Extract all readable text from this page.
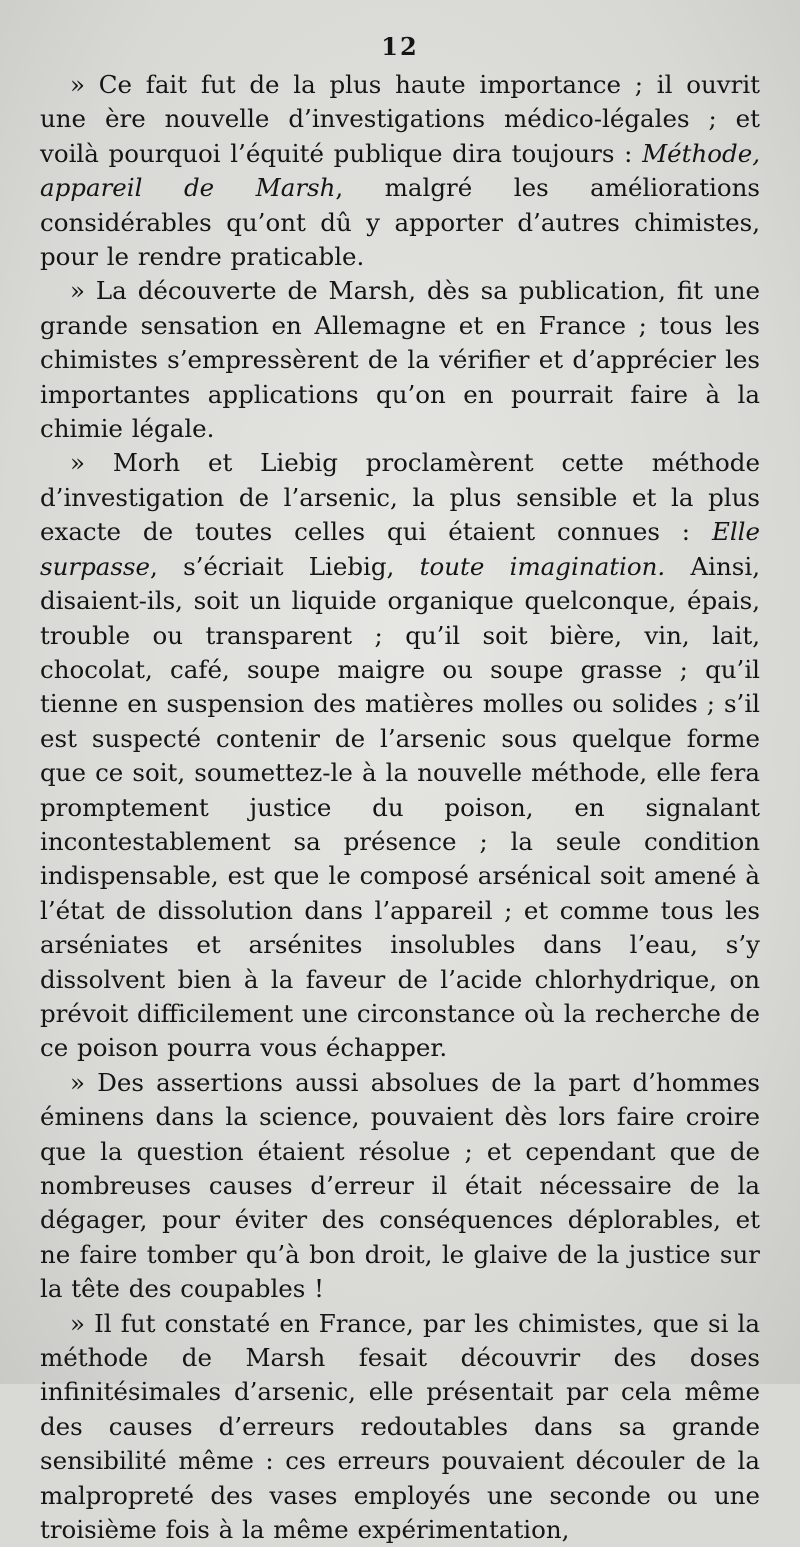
12

» Ce fait fut de la plus haute importance ; il ouvrit une ère nouvelle d’investigations médico-légales ; et voilà pourquoi l’équité publique dira toujours : Méthode, appareil de Marsh, malgré les améliorations considérables qu’ont dû y apporter d’autres chimistes, pour le rendre praticable.

» La découverte de Marsh, dès sa publication, fit une grande sensation en Allemagne et en France ; tous les chimistes s’empressèrent de la vérifier et d’apprécier les importantes applications qu’on en pourrait faire à la chimie légale.

» Morh et Liebig proclamèrent cette méthode d’investigation de l’arsenic, la plus sensible et la plus exacte de toutes celles qui étaient connues : Elle surpasse, s’écriait Liebig, toute imagination. Ainsi, disaient-ils, soit un liquide organique quelconque, épais, trouble ou transparent ; qu’il soit bière, vin, lait, chocolat, café, soupe maigre ou soupe grasse ; qu’il tienne en suspension des matières molles ou solides ; s’il est suspecté contenir de l’arsenic sous quelque forme que ce soit, soumettez-le à la nouvelle méthode, elle fera promptement justice du poison, en signalant incontestablement sa présence ; la seule condition indispensable, est que le composé arsénical soit amené à l’état de dissolution dans l’appareil ; et comme tous les arséniates et arsénites insolubles dans l’eau, s’y dissolvent bien à la faveur de l’acide chlorhydrique, on prévoit difficilement une circonstance où la recherche de ce poison pourra vous échapper.

» Des assertions aussi absolues de la part d’hommes éminens dans la science, pouvaient dès lors faire croire que la question étaient résolue ; et cependant que de nombreuses causes d’erreur il était nécessaire de la dégager, pour éviter des conséquences déplorables, et ne faire tomber qu’à bon droit, le glaive de la justice sur la tête des coupables !

» Il fut constaté en France, par les chimistes, que si la méthode de Marsh fesait découvrir des doses infinitésimales d’arsenic, elle présentait par cela même des causes d’erreurs redoutables dans sa grande sensibilité même : ces erreurs pouvaient découler de la malpropreté des vases employés une seconde ou une troisième fois à la même expérimentation,
